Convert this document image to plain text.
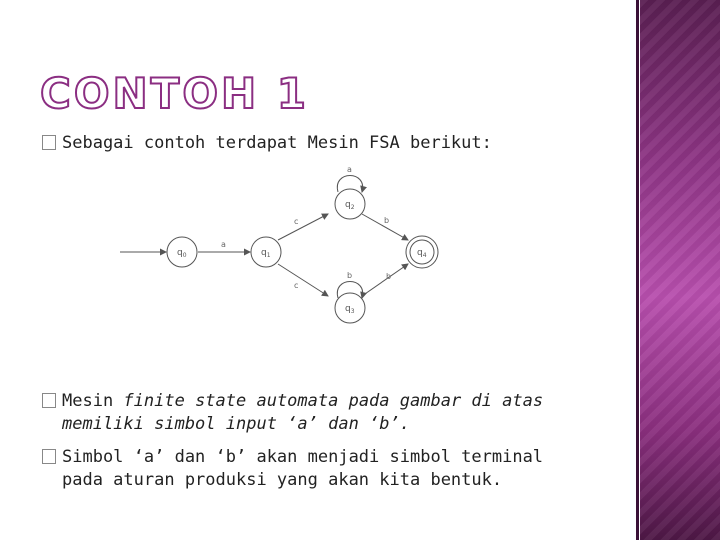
CONTOH 1
Sebagai contoh terdapat Mesin FSA berikut:
$q_0$	$q_1$
$q_2$
$q_3$
$q_4$
a
c
c
a
b
b	b
Mesin finite state automata pada gambar di atas
memiliki simbol input ‘a’ dan ‘b’.
Simbol ‘a’ dan ‘b’ akan menjadi simbol terminal
pada aturan produksi yang akan kita bentuk.
